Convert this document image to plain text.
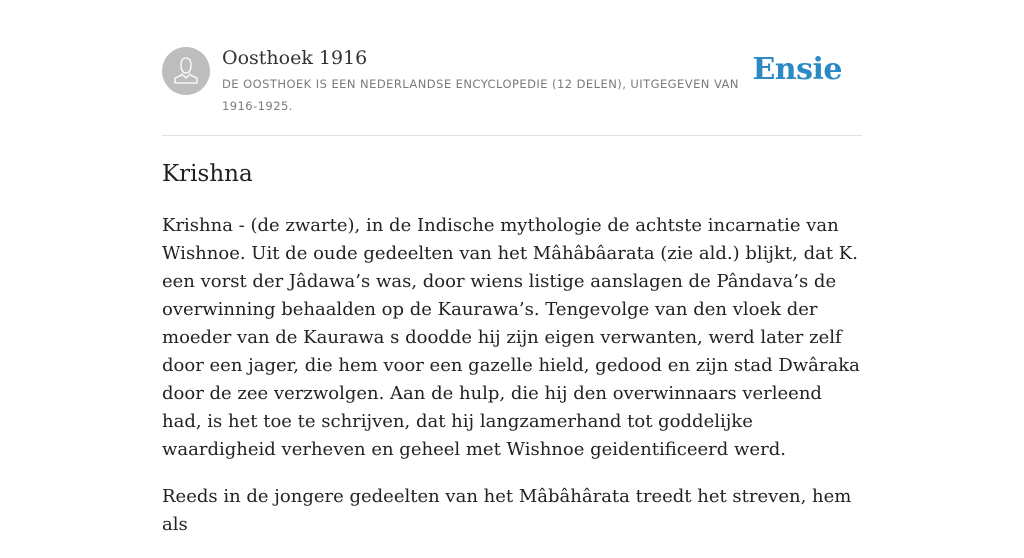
Oosthoek 1916
DE OOSTHOEK IS EEN NEDERLANDSE ENCYCLOPEDIE (12 DELEN), UITGEGEVEN VAN 1916-1925.
Ensie
Krishna

Krishna - (de zwarte), in de Indische mythologie de achtste incarnatie van Wishnoe. Uit de oude gedeelten van het Mâhâbâarata (zie ald.) blijkt, dat K. een vorst der Jâdawa’s was, door wiens listige aanslagen de Pândava’s de overwinning behaalden op de Kaurawa’s. Tengevolge van den vloek der moeder van de Kaurawa s doodde hij zijn eigen verwanten, werd later zelf door een jager, die hem voor een gazelle hield, gedood en zijn stad Dwâraka door de zee verzwolgen. Aan de hulp, die hij den overwinnaars verleend had, is het toe te schrijven, dat hij langzamerhand tot goddelijke waardigheid verheven en geheel met Wishnoe geidentificeerd werd.

Reeds in de jongere gedeelten van het Mâbâhârata treedt het streven, hem als
